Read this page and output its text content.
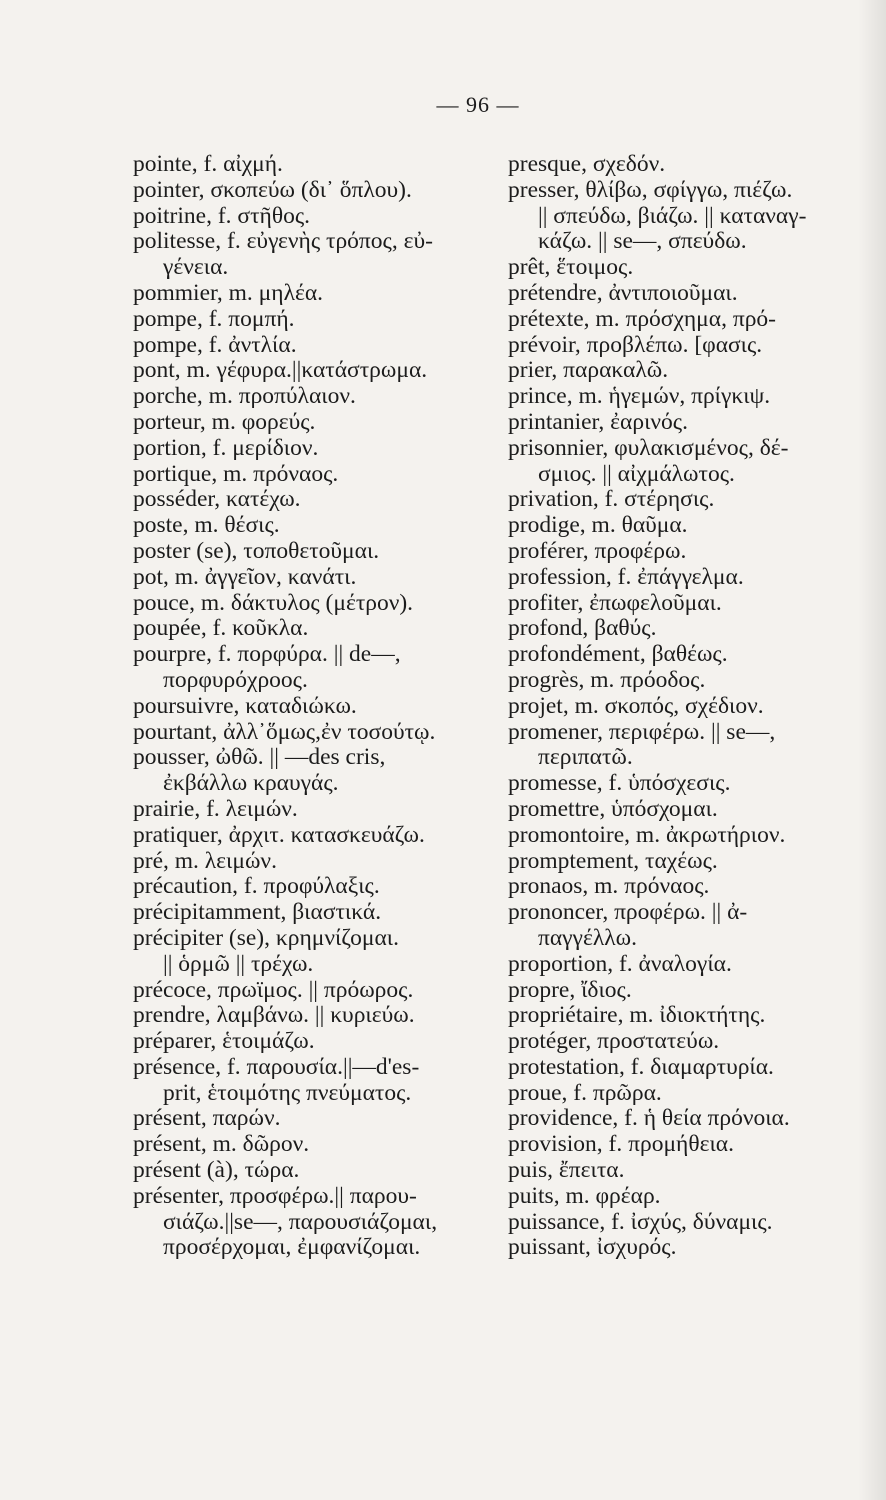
— 96 —
pointe, f. αἰχμή.
pointer, σκοπεύω (δι᾿ ὅπλου).
poitrine, f. στῆθος.
politesse, f. εὐγενὴς τρόπος, εὐ-
γένεια.
pommier, m. μηλέα.
pompe, f. πομπή.
pompe, f. ἀντλία.
pont, m. γέφυρα.||κατάστρωμα.
porche, m. προπύλαιον.
porteur, m. φορεύς.
portion, f. μερίδιον.
portique, m. πρόναος.
posséder, κατέχω.
poste, m. θέσις.
poster (se), τοποθετοῦμαι.
pot, m. ἀγγεῖον, κανάτι.
pouce, m. δάκτυλος (μέτρον).
poupée, f. κοῦκλα.
pourpre, f. πορφύρα. || de—,
πορφυρόχροος.
poursuivre, καταδιώκω.
pourtant, ἀλλ᾿ὅμως,ἐν τοσούτῳ.
pousser, ὠθῶ. || —des cris,
ἐκβάλλω κραυγάς.
prairie, f. λειμών.
pratiquer, ἀρχιτ. κατασκευάζω.
pré, m. λειμών.
précaution, f. προφύλαξις.
précipitamment, βιαστικά.
précipiter (se), κρημνίζομαι.
|| ὁρμῶ || τρέχω.
précoce, πρωϊμος. || πρόωρος.
prendre, λαμβάνω. || κυριεύω.
préparer, ἑτοιμάζω.
présence, f. παρουσία.||—d'es-
prit, ἑτοιμότης πνεύματος.
présent, παρών.
présent, m. δῶρον.
présent (à), τώρα.
présenter, προσφέρω.|| παρου-
σιάζω.||se—, παρουσιάζομαι,
προσέρχομαι, ἐμφανίζομαι.
presque, σχεδόν.
presser, θλίβω, σφίγγω, πιέζω.
|| σπεύδω, βιάζω. || καταναγ-
κάζω. || se—, σπεύδω.
prêt, ἕτοιμος.
prétendre, ἀντιποιοῦμαι.
prétexte, m. πρόσχημα, πρό-
prévoir, προβλέπω. [φασις.
prier, παρακαλῶ.
prince, m. ἡγεμών, πρίγκιψ.
printanier, ἐαρινός.
prisonnier, φυλακισμένος, δέ-
σμιος. || αἰχμάλωτος.
privation, f. στέρησις.
prodige, m. θαῦμα.
proférer, προφέρω.
profession, f. ἐπάγγελμα.
profiter, ἐπωφελοῦμαι.
profond, βαθύς.
profondément, βαθέως.
progrès, m. πρόοδος.
projet, m. σκοπός, σχέδιον.
promener, περιφέρω. || se—,
περιπατῶ.
promesse, f. ὑπόσχεσις.
promettre, ὑπόσχομαι.
promontoire, m. ἀκρωτήριον.
promptement, ταχέως.
pronaos, m. πρόναος.
prononcer, προφέρω. || ἀ-
παγγέλλω.
proportion, f. ἀναλογία.
propre, ἴδιος.
propriétaire, m. ἰδιοκτήτης.
protéger, προστατεύω.
protestation, f. διαμαρτυρία.
proue, f. πρῶρα.
providence, f. ἡ θεία πρόνοια.
provision, f. προμήθεια.
puis, ἔπειτα.
puits, m. φρέαρ.
puissance, f. ἰσχύς, δύναμις.
puissant, ἰσχυρός.
